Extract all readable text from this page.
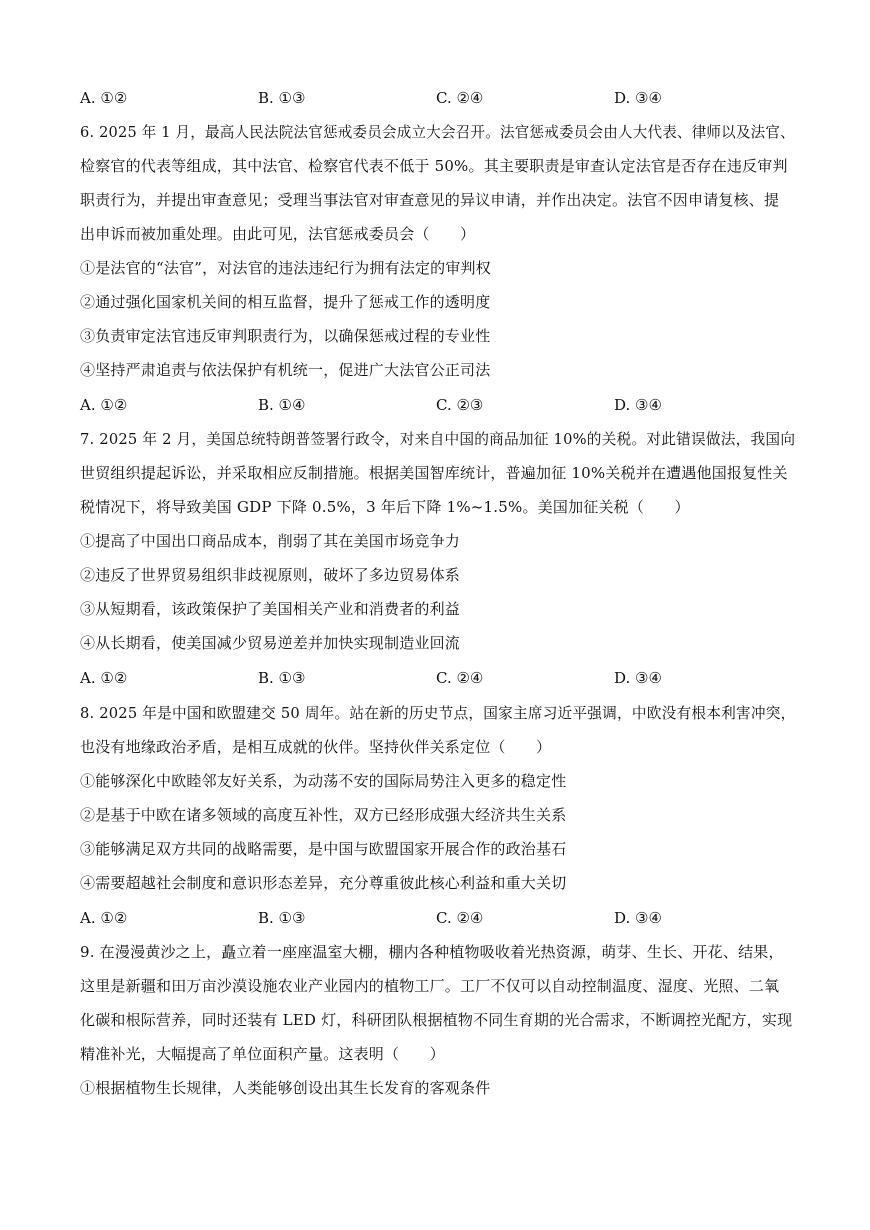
A. ①②	B. ①③	C. ②④	D. ③④
6. 2025 年 1 月，最高人民法院法官惩戒委员会成立大会召开。法官惩戒委员会由人大代表、律师以及法官、
检察官的代表等组成，其中法官、检察官代表不低于 50%。其主要职责是审查认定法官是否存在违反审判
职责行为，并提出审查意见；受理当事法官对审查意见的异议申请，并作出决定。法官不因申请复核、提
出申诉而被加重处理。由此可见，法官惩戒委员会（　　）
①是法官的“法官”，对法官的违法违纪行为拥有法定的审判权
②通过强化国家机关间的相互监督，提升了惩戒工作的透明度
③负责审定法官违反审判职责行为，以确保惩戒过程的专业性
④坚持严肃追责与依法保护有机统一，促进广大法官公正司法
A. ①②	B. ①④	C. ②③	D. ③④
7. 2025 年 2 月，美国总统特朗普签署行政令，对来自中国的商品加征 10%的关税。对此错误做法，我国向
世贸组织提起诉讼，并采取相应反制措施。根据美国智库统计，普遍加征 10%关税并在遭遇他国报复性关
税情况下，将导致美国 GDP 下降 0.5%，3 年后下降 1%~1.5%。美国加征关税（　　）
①提高了中国出口商品成本，削弱了其在美国市场竞争力
②违反了世界贸易组织非歧视原则，破坏了多边贸易体系
③从短期看，该政策保护了美国相关产业和消费者的利益
④从长期看，使美国减少贸易逆差并加快实现制造业回流
A. ①②	B. ①③	C. ②④	D. ③④
8. 2025 年是中国和欧盟建交 50 周年。站在新的历史节点，国家主席习近平强调，中欧没有根本利害冲突，
也没有地缘政治矛盾，是相互成就的伙伴。坚持伙伴关系定位（　　）
①能够深化中欧睦邻友好关系，为动荡不安的国际局势注入更多的稳定性
②是基于中欧在诸多领域的高度互补性，双方已经形成强大经济共生关系
③能够满足双方共同的战略需要，是中国与欧盟国家开展合作的政治基石
④需要超越社会制度和意识形态差异，充分尊重彼此核心利益和重大关切
A. ①②	B. ①③	C. ②④	D. ③④
9. 在漫漫黄沙之上，矗立着一座座温室大棚，棚内各种植物吸收着光热资源，萌芽、生长、开花、结果，
这里是新疆和田万亩沙漠设施农业产业园内的植物工厂。工厂不仅可以自动控制温度、湿度、光照、二氧
化碳和根际营养，同时还装有 LED 灯，科研团队根据植物不同生育期的光合需求，不断调控光配方，实现
精准补光，大幅提高了单位面积产量。这表明（　　）
①根据植物生长规律，人类能够创设出其生长发育的客观条件
